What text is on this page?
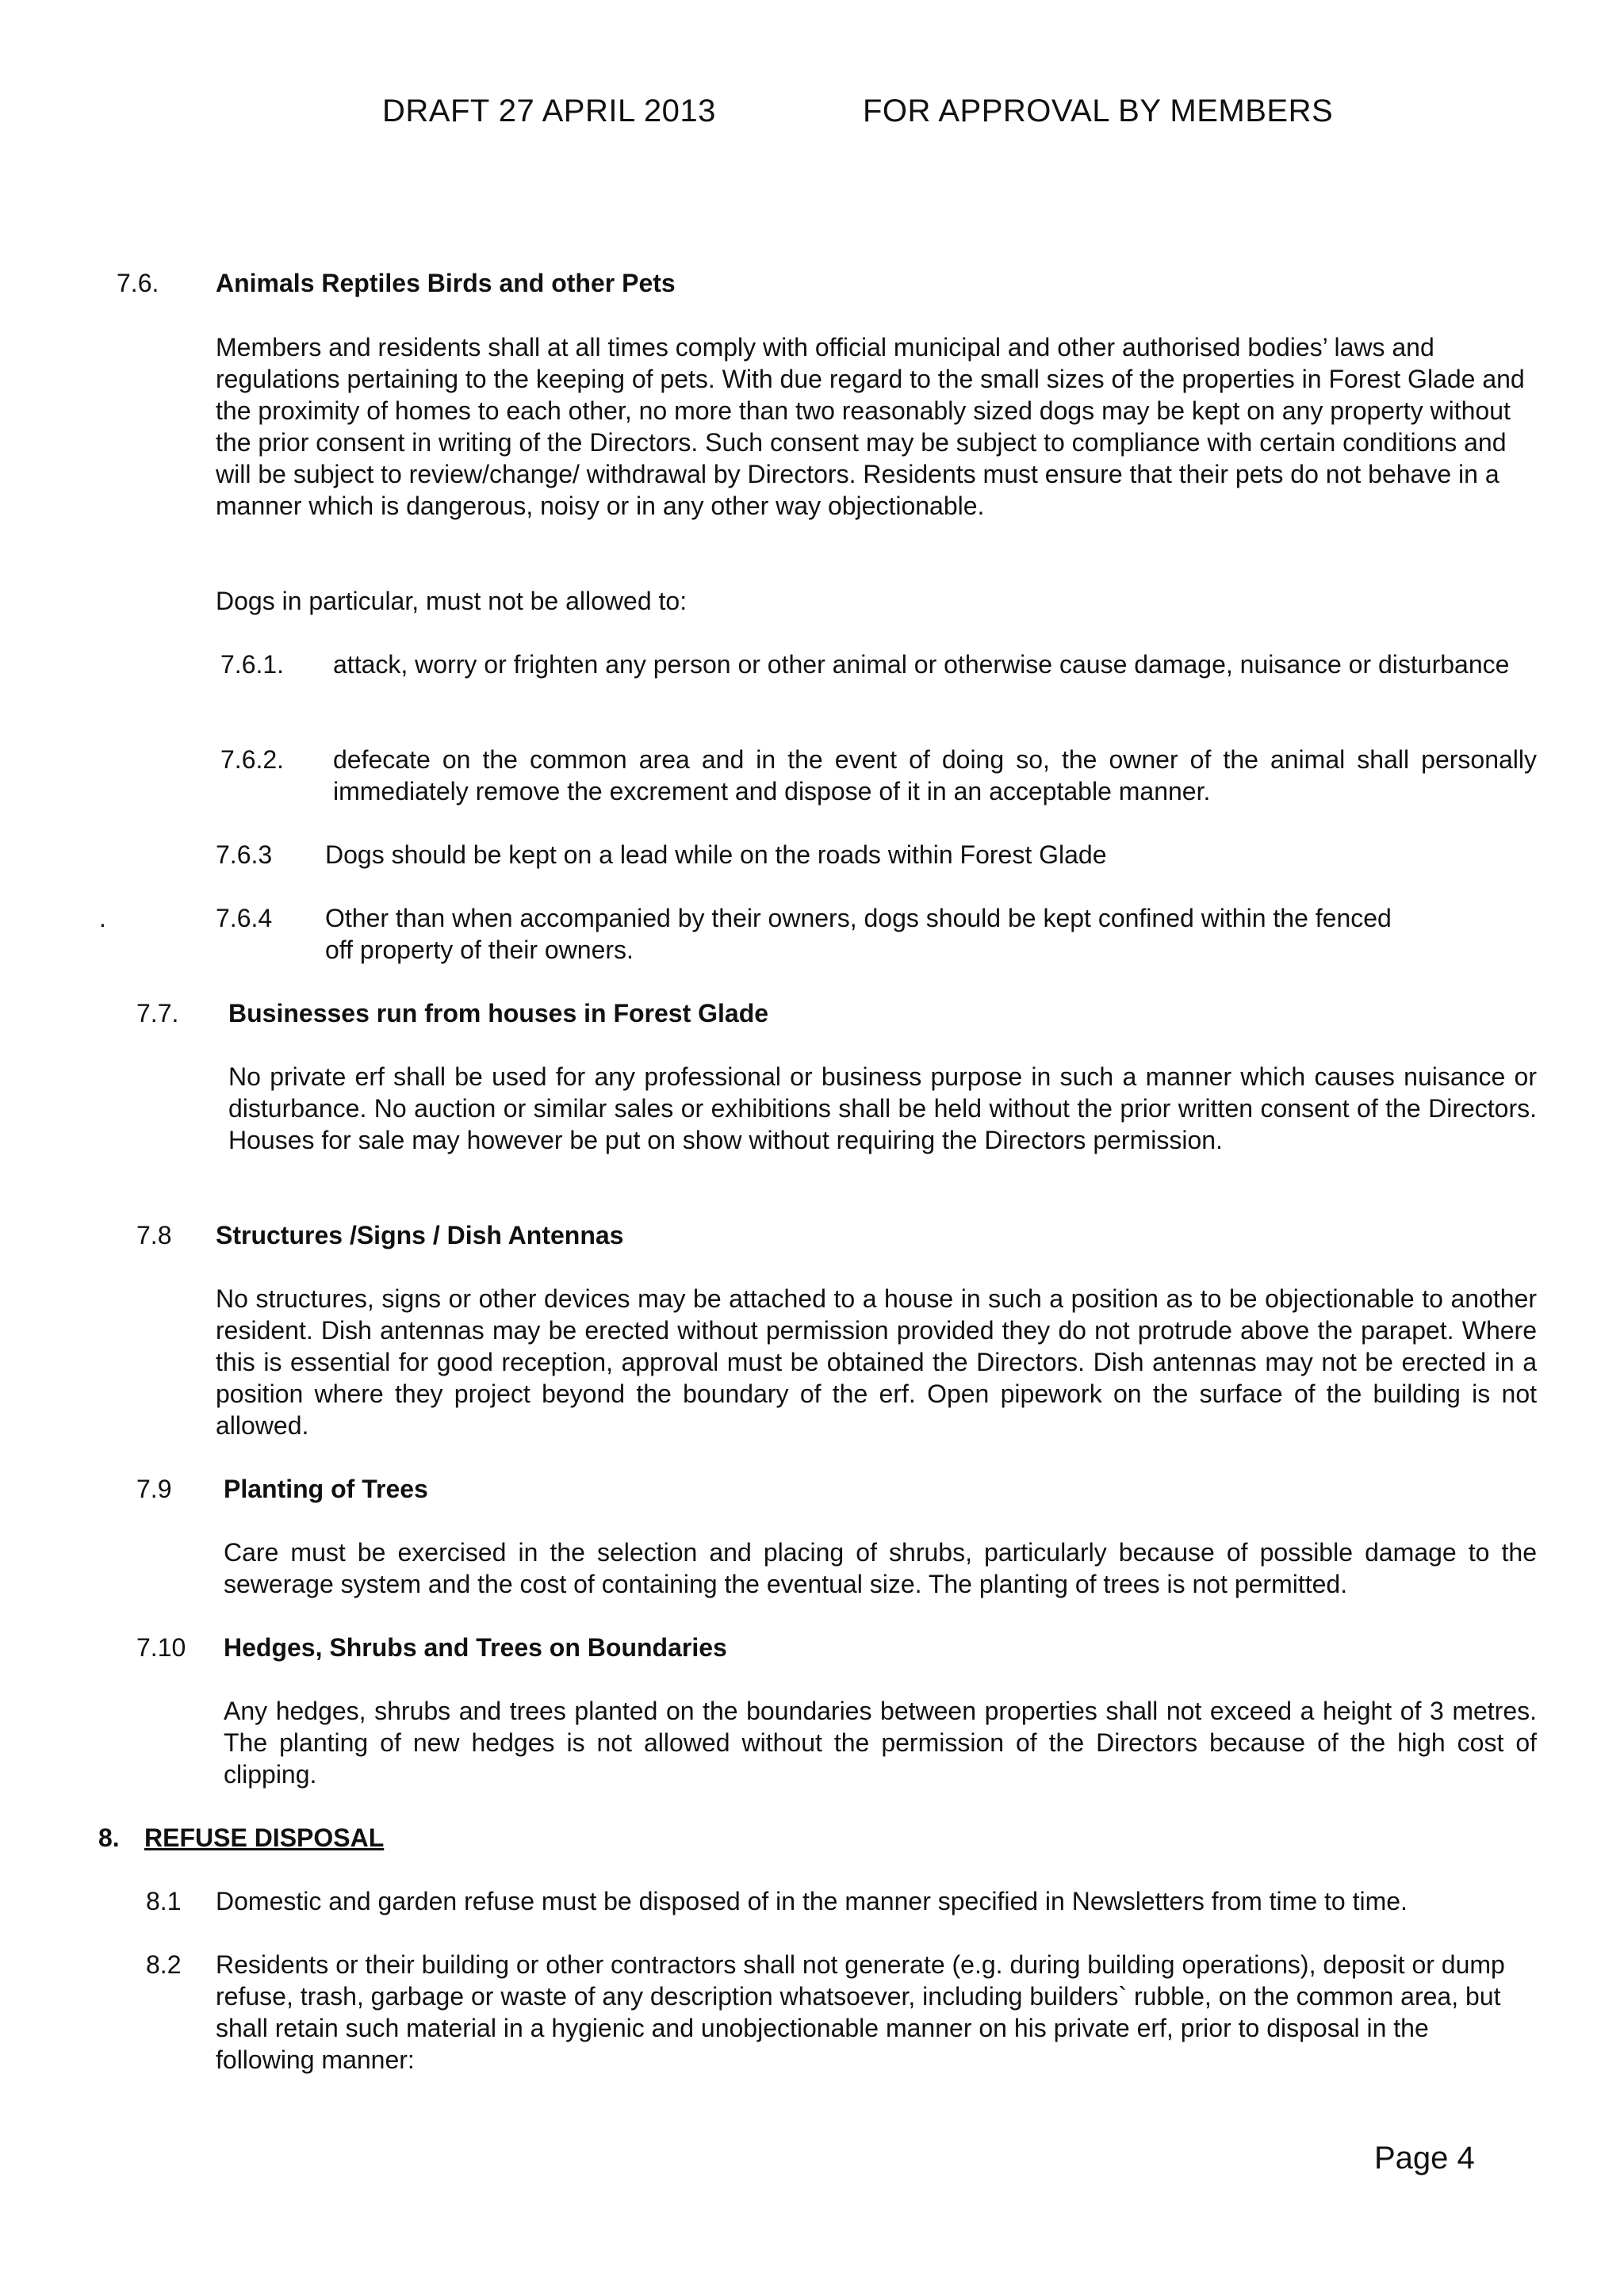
DRAFT 27 APRIL 2013	FOR APPROVAL BY MEMBERS
7.6. Animals Reptiles Birds and other Pets
Members and residents shall at all times comply with official municipal and other authorised bodies’ laws and regulations pertaining to the keeping of pets. With due regard to the small sizes of the properties in Forest Glade and the proximity of homes to each other, no more than two reasonably sized dogs may be kept on any property without the prior consent in writing of the Directors. Such consent may be subject to compliance with certain conditions and will be subject to review/change/ withdrawal by Directors. Residents must ensure that their pets do not behave in a manner which is dangerous, noisy or in any other way objectionable.
Dogs in particular, must not be allowed to:
7.6.1. attack, worry or frighten any person or other animal or otherwise cause damage, nuisance or disturbance
7.6.2. defecate on the common area and in the event of doing so, the owner of the animal shall personally immediately remove the excrement and dispose of it in an acceptable manner.
7.6.3 Dogs should be kept on a lead while on the roads within Forest Glade
.	7.6.4 Other than when accompanied by their owners, dogs should be kept confined within the fenced off property of their owners.
7.7. Businesses run from houses in Forest Glade
No private erf shall be used for any professional or business purpose in such a manner which causes nuisance or disturbance. No auction or similar sales or exhibitions shall be held without the prior written consent of the Directors. Houses for sale may however be put on show without requiring the Directors permission.
7.8 Structures /Signs / Dish Antennas
No structures, signs or other devices may be attached to a house in such a position as to be objectionable to another resident. Dish antennas may be erected without permission provided they do not protrude above the parapet. Where this is essential for good reception, approval must be obtained the Directors. Dish antennas may not be erected in a position where they project beyond the boundary of the erf. Open pipework on the surface of the building is not allowed.
7.9 Planting of Trees
Care must be exercised in the selection and placing of shrubs, particularly because of possible damage to the sewerage system and the cost of containing the eventual size. The planting of trees is not permitted.
7.10 Hedges, Shrubs and Trees on Boundaries
Any hedges, shrubs and trees planted on the boundaries between properties shall not exceed a height of 3 metres. The planting of new hedges is not allowed without the permission of the Directors because of the high cost of clipping.
8. REFUSE DISPOSAL
8.1 Domestic and garden refuse must be disposed of in the manner specified in Newsletters from time to time.
8.2 Residents or their building or other contractors shall not generate (e.g. during building operations), deposit or dump refuse, trash, garbage or waste of any description whatsoever, including builders` rubble, on the common area, but shall retain such material in a hygienic and unobjectionable manner on his private erf, prior to disposal in the following manner:
Page 4
